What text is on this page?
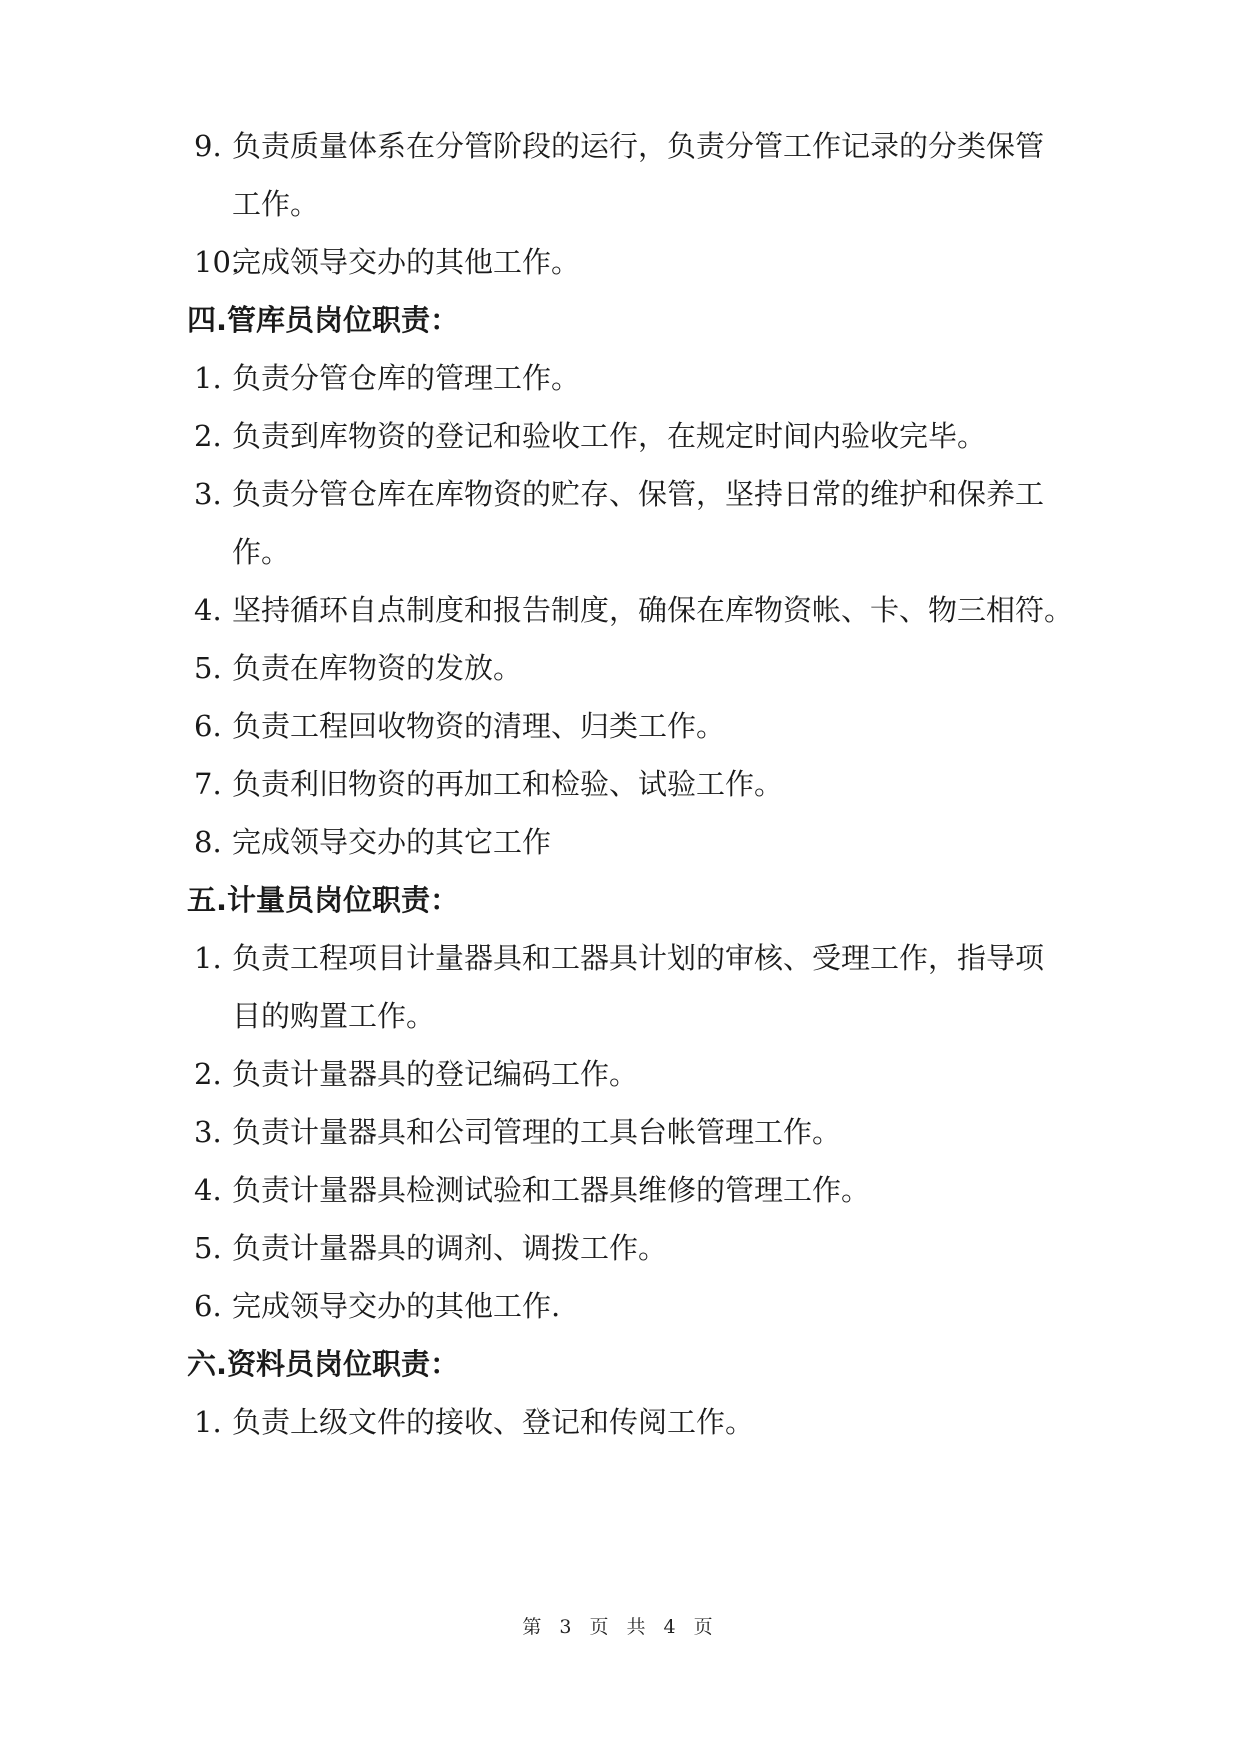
9. 负责质量体系在分管阶段的运行，负责分管工作记录的分类保管
工作。
10.完成领导交办的其他工作。
四.管库员岗位职责：
1. 负责分管仓库的管理工作。
2. 负责到库物资的登记和验收工作，在规定时间内验收完毕。
3. 负责分管仓库在库物资的贮存、保管，坚持日常的维护和保养工
作。
4. 坚持循环自点制度和报告制度，确保在库物资帐、卡、物三相符。
5. 负责在库物资的发放。
6. 负责工程回收物资的清理、归类工作。
7. 负责利旧物资的再加工和检验、试验工作。
8. 完成领导交办的其它工作
五.计量员岗位职责：
1. 负责工程项目计量器具和工器具计划的审核、受理工作，指导项
目的购置工作。
2. 负责计量器具的登记编码工作。
3. 负责计量器具和公司管理的工具台帐管理工作。
4. 负责计量器具检测试验和工器具维修的管理工作。
5. 负责计量器具的调剂、调拨工作。
6. 完成领导交办的其他工作.
六.资料员岗位职责：
1. 负责上级文件的接收、登记和传阅工作。
第 3 页 共 4 页
